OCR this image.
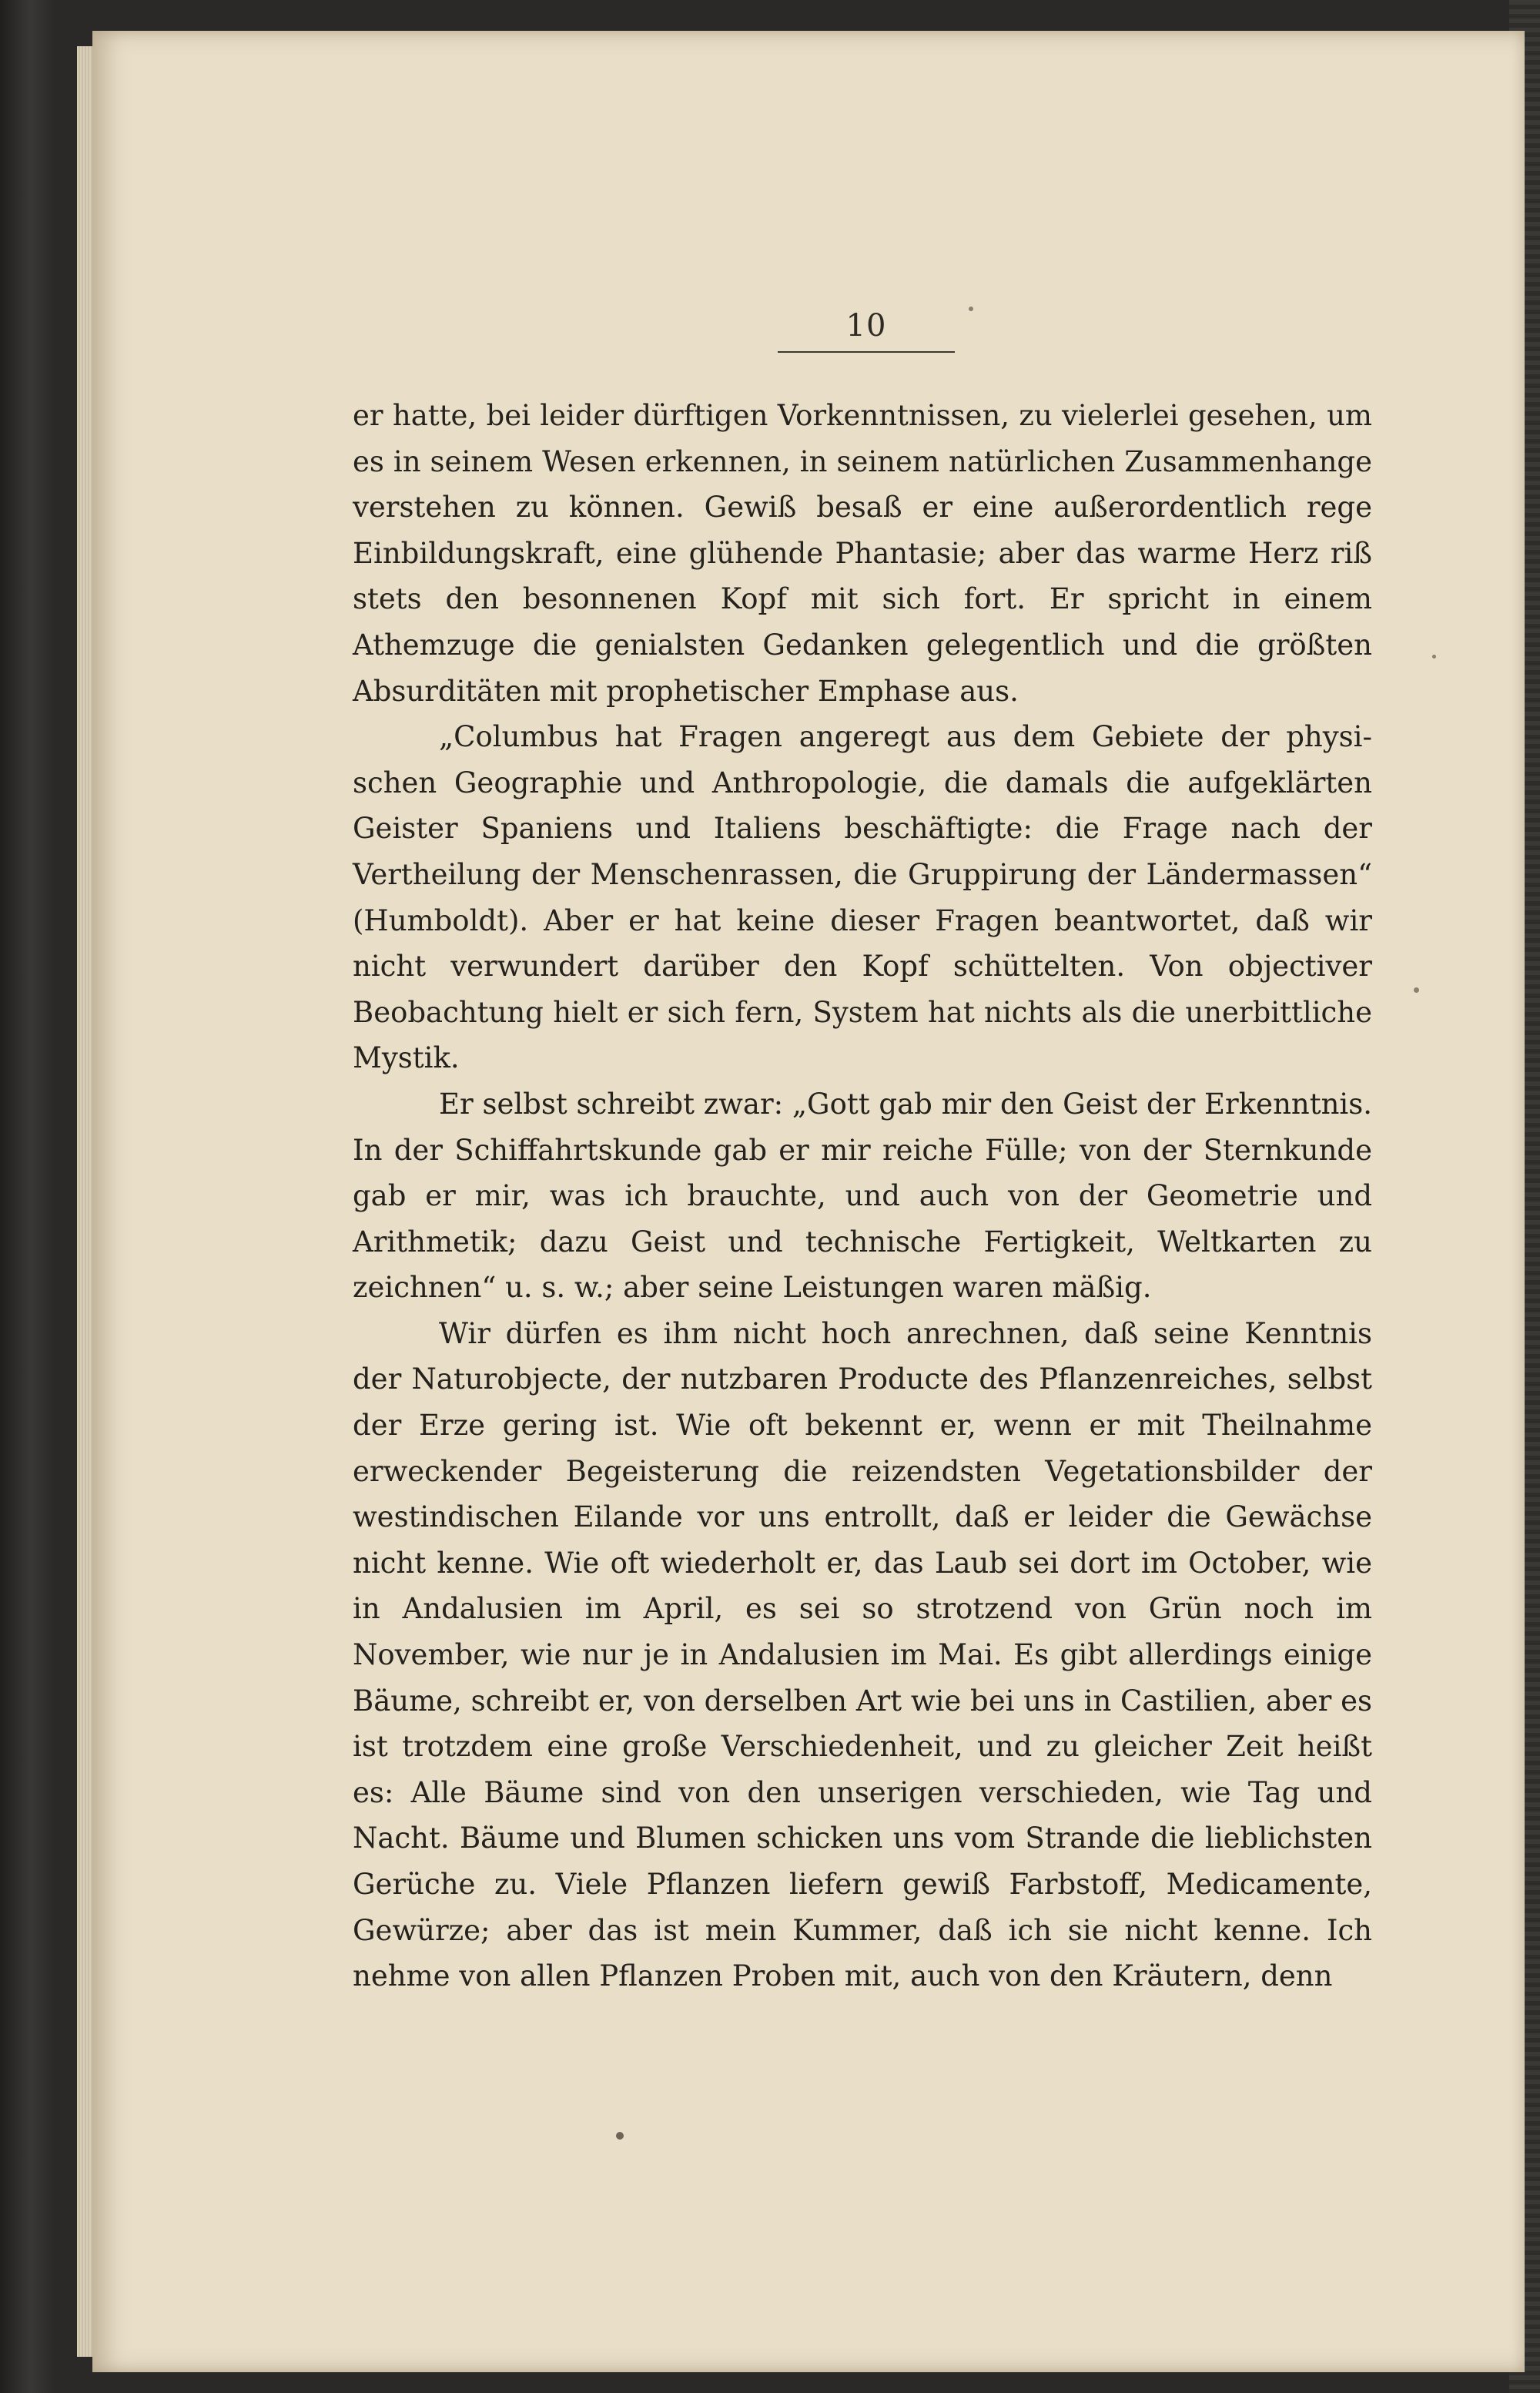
10

er hatte, bei leider dürftigen Vorkenntnissen, zu vielerlei gesehen, um es in seinem Wesen erkennen, in seinem natürlichen Zusammenhange verstehen zu können. Gewiß besaß er eine außerordentlich rege Einbildungskraft, eine glühende Phantasie; aber das warme Herz riß stets den besonnenen Kopf mit sich fort. Er spricht in einem Athemzuge die genialsten Gedanken gelegentlich und die größten Absurditäten mit prophetischer Emphase aus.

„Columbus hat Fragen angeregt aus dem Gebiete der physischen Geographie und Anthropologie, die damals die aufgeklärten Geister Spaniens und Italiens beschäftigte: die Frage nach der Vertheilung der Menschenrassen, die Gruppirung der Ländermassen“ (Humboldt). Aber er hat keine dieser Fragen beantwortet, daß wir nicht verwundert darüber den Kopf schüttelten. Von objectiver Beobachtung hielt er sich fern, System hat nichts als die unerbittliche Mystik.

Er selbst schreibt zwar: „Gott gab mir den Geist der Erkenntnis. In der Schiffahrtskunde gab er mir reiche Fülle; von der Sternkunde gab er mir, was ich brauchte, und auch von der Geometrie und Arithmetik; dazu Geist und technische Fertigkeit, Weltkarten zu zeichnen“ u. s. w.; aber seine Leistungen waren mäßig.

Wir dürfen es ihm nicht hoch anrechnen, daß seine Kenntnis der Naturobjecte, der nutzbaren Producte des Pflanzenreiches, selbst der Erze gering ist. Wie oft bekennt er, wenn er mit Theilnahme erweckender Begeisterung die reizendsten Vegetationsbilder der westindischen Eilande vor uns entrollt, daß er leider die Gewächse nicht kenne. Wie oft wiederholt er, das Laub sei dort im October, wie in Andalusien im April, es sei so strotzend von Grün noch im November, wie nur je in Andalusien im Mai. Es gibt allerdings einige Bäume, schreibt er, von derselben Art wie bei uns in Castilien, aber es ist trotzdem eine große Verschiedenheit, und zu gleicher Zeit heißt es: Alle Bäume sind von den unserigen verschieden, wie Tag und Nacht. Bäume und Blumen schicken uns vom Strande die lieblichsten Gerüche zu. Viele Pflanzen liefern gewiß Farbstoff, Medicamente, Gewürze; aber das ist mein Kummer, daß ich sie nicht kenne. Ich nehme von allen Pflanzen Proben mit, auch von den Kräutern, denn
